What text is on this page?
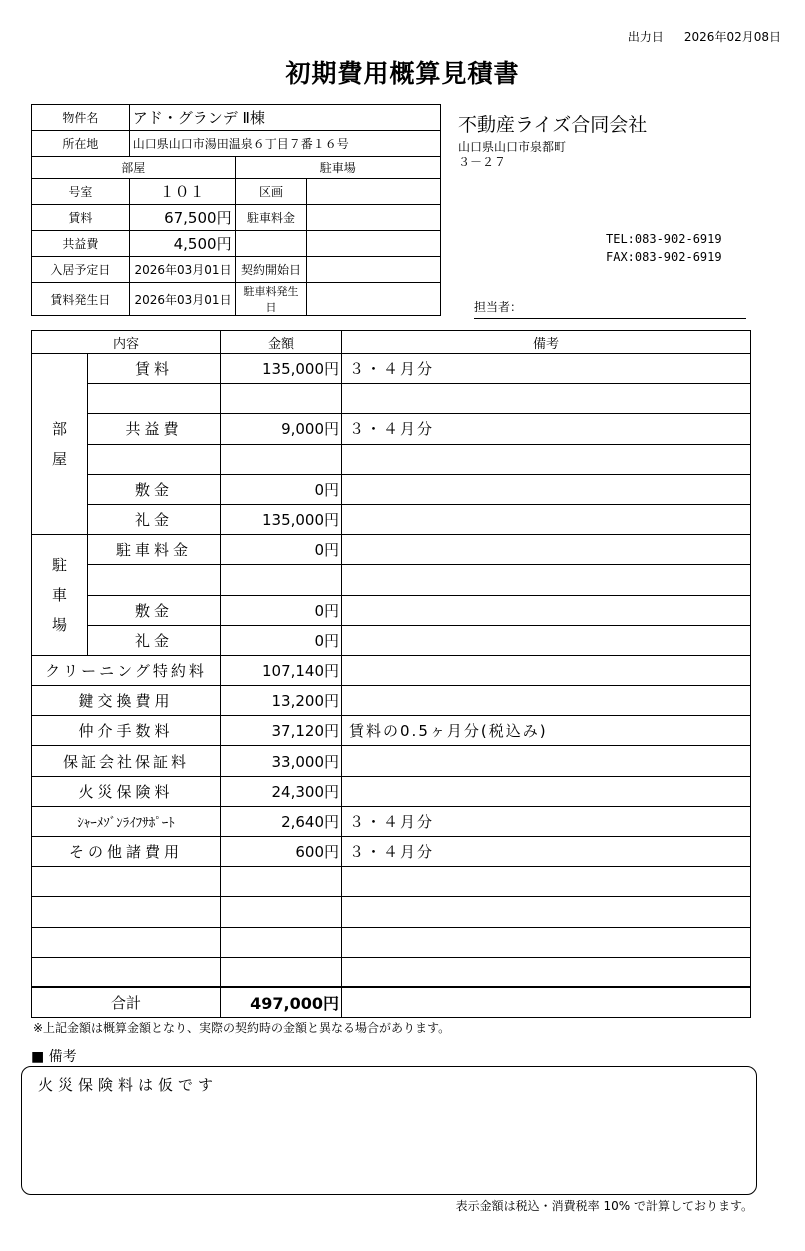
出力日 2026年02月08日
初期費用概算見積書
物件名	アド・グランデ Ⅱ棟		
所在地	山口県山口市湯田温泉６丁目７番１６号		
部屋		駐車場	
号室	１０１	区画	
賃料	67,500円	駐車料金	
共益費	4,500円		
入居予定日	2026年03月01日	契約開始日	
賃料発生日	2026年03月01日	駐車料発生日	
不動産ライズ合同会社
山口県山口市泉都町
３－２７
TEL:083-902-6919
FAX:083-902-6919
担当者：
内容		金額	備考

部
屋	賃料	135,000円	３・４月分

	共益費	9,000円	３・４月分

	敷金	0円	
	礼金	135,000円	

駐
車
場	駐車料金	0円	

	敷金	0円	
	礼金	0円	
クリーニング特約料		107,140円	
鍵交換費用		13,200円	
仲介手数料		37,120円	賃料の0.5ヶ月分(税込み)
保証会社保証料		33,000円	
火災保険料		24,300円	
ｼｬｰﾒｿﾞﾝﾗｲﾌｻﾎﾟｰﾄ		2,640円	３・４月分
その他諸費用		600円	３・４月分

合計		497,000円	
※上記金額は概算金額となり、実際の契約時の金額と異なる場合があります。
■ 備考
火災保険料は仮です
表示金額は税込・消費税率 10% で計算しております。
